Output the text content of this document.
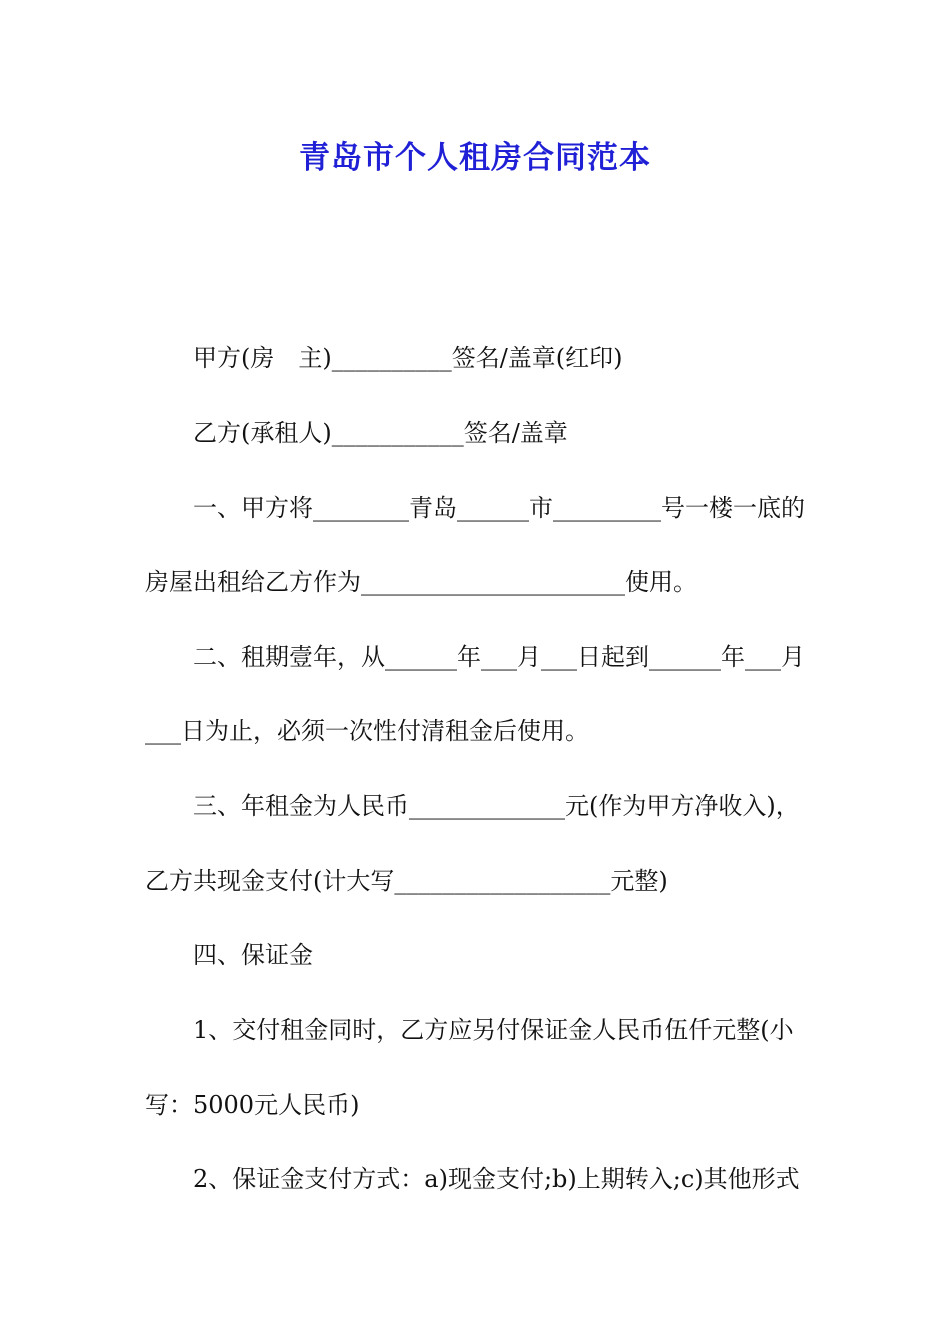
青岛市个人租房合同范本
甲方(房　主)__________签名/盖章(红印)
乙方(承租人)___________签名/盖章
一、甲方将________青岛______市_________号一楼一底的
房屋出租给乙方作为______________________使用。
二、租期壹年，从______年___月___日起到______年___月
___日为止，必须一次性付清租金后使用。
三、年租金为人民币_____________元(作为甲方净收入)，
乙方共现金支付(计大写__________________元整)
四、保证金
1、交付租金同时，乙方应另付保证金人民币伍仟元整(小
写：5000元人民币)
2、保证金支付方式：a)现金支付;b)上期转入;c)其他形式
